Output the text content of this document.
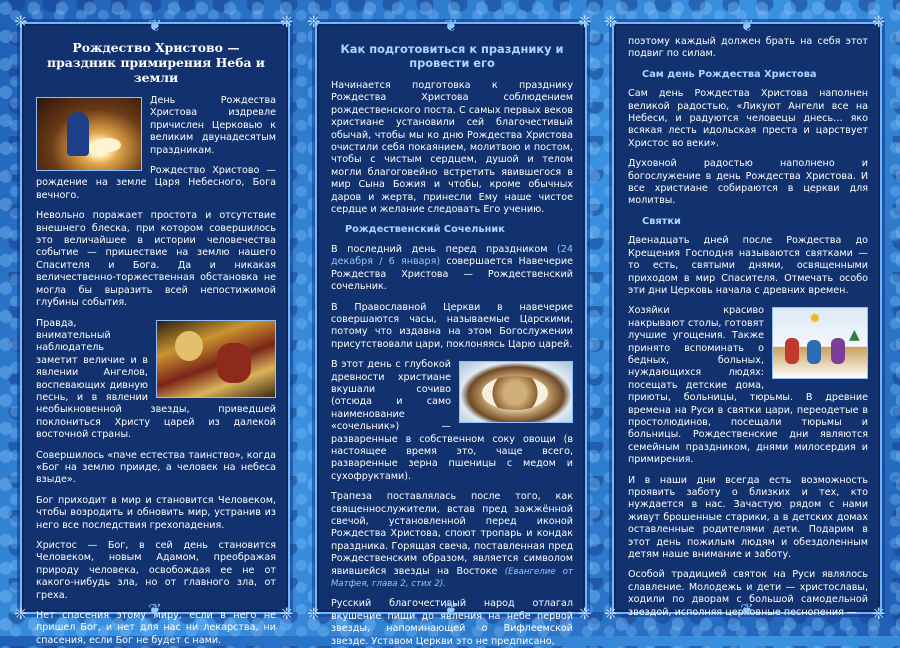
❦ Рождество Христово — праздник примирения Неба и земли

День Рождества Христова издревле причислен Церковью к великим двунадесятым праздникам.

Рождество Христово — рождение на земле Царя Небесного, Бога вечного.

Невольно поражает простота и отсутствие внешнего блеска, при котором совершилось это величайшее в истории человечества событие — пришествие на землю нашего Спасителя и Бога. Да и никакая величественно-торжественная обстановка не могла бы выразить всей непостижимой глубины события.

Правда, внимательный наблюдатель заметит величие и в явлении Ангелов, воспевающих дивную песнь, и в явлении необыкновенной звезды, приведшей поклониться Христу царей из далекой восточной страны.

Совершилось «паче естества таинство», когда «Бог на землю прииде, а человек на небеса взыде».

Бог приходит в мир и становится Человеком, чтобы возродить и обновить мир, устранив из него все последствия грехопадения.

Христос — Бог, в сей день становится Человеком, новым Адамом, преображая природу человека, освобождая ее не от какого-нибудь зла, но от главного зла, от греха.

Нет спасения этому миру, если в него не пришел Бог, и нет для нас ни лекарства, ни спасения, если Бог не будет с нами.

❦
❦ Как подготовиться к празднику и провести его

Начинается подготовка к празднику Рождества Христова соблюдением рождественского поста. С самых первых веков христиане установили сей благочестивый обычай, чтобы мы ко дню Рождества Христова очистили себя покаянием, молитвою и постом, чтобы с чистым сердцем, душой и телом могли благоговейно встретить явившегося в мир Сына Божия и чтобы, кроме обычных даров и жертв, принесли Ему наше чистое сердце и желание следовать Его учению.

Рождественский Сочельник

В последний день перед праздником (24 декабря / 6 января) совершается Навечерие Рождества Христова — Рождественский сочельник.

В Православной Церкви в навечерие совершаются часы, называемые Царскими, потому что издавна на этом Богослужении присутствовали цари, поклоняясь Царю царей.

В этот день с глубокой древности христиане вкушали сочиво (отсюда и само наименование «сочельник») — разваренные в собственном соку овощи (в настоящее время это, чаще всего, разваренные зерна пшеницы с медом и сухофруктами).

Трапеза поставлялась после того, как священнослужители, встав пред зажжённой свечой, установленной перед иконой Рождества Христова, споют тропарь и кондак праздника. Горящая свеча, поставленная пред Рождественским образом, является символом явившейся звезды на Востоке (Евангелие от Матфея, глава 2, стих 2).

Русский благочестивый народ отлагал вкушение пищи до явления на небе первой звезды, напоминающей о Вифлеемской звезде. Уставом Церкви это не предписано,

❦

❦ поэтому каждый должен брать на себя этот подвиг по силам.

Сам день Рождества Христова

Сам день Рождества Христова наполнен великой радостью, «Ликуют Ангели все на Небеси, и радуются человецы днесь… яко всякая лесть идольская преста и царствует Христос во веки».

Духовной радостью наполнено и богослужение в день Рождества Христова. И все христиане собираются в церкви для молитвы.

Святки

Двенадцать дней после Рождества до Крещения Господня называются святками — то есть, святыми днями, освященными приходом в мир Спасителя. Отмечать особо эти дни Церковь начала с древних времен.

✹
▲

Хозяйки красиво накрывают столы, готовят лучшие угощения. Также принято вспоминать о бедных, больных, нуждающихся людях: посещать детские дома, приюты, больницы, тюрьмы. В древние времена на Руси в святки цари, переодетые в простолюдинов, посещали тюрьмы и больницы. Рождественские дни являются семейным праздником, днями милосердия и примирения.

И в наши дни всегда есть возможность проявить заботу о близких и тех, кто нуждается в нас. Зачастую рядом с нами живут брошенные старики, а в детских домах оставленные родителями дети. Подарим в этот день пожилым людям и обездоленным детям наше внимание и заботу.

Особой традицией святок на Руси являлось славление. Молодежь и дети — христославы, ходили по дворам с большой самодельной звездой, исполняя церковные песнопения —

❦
❈	❈ ❈	❈ ❈	❈
❈	❈ ❈	❈ ❈	❈
